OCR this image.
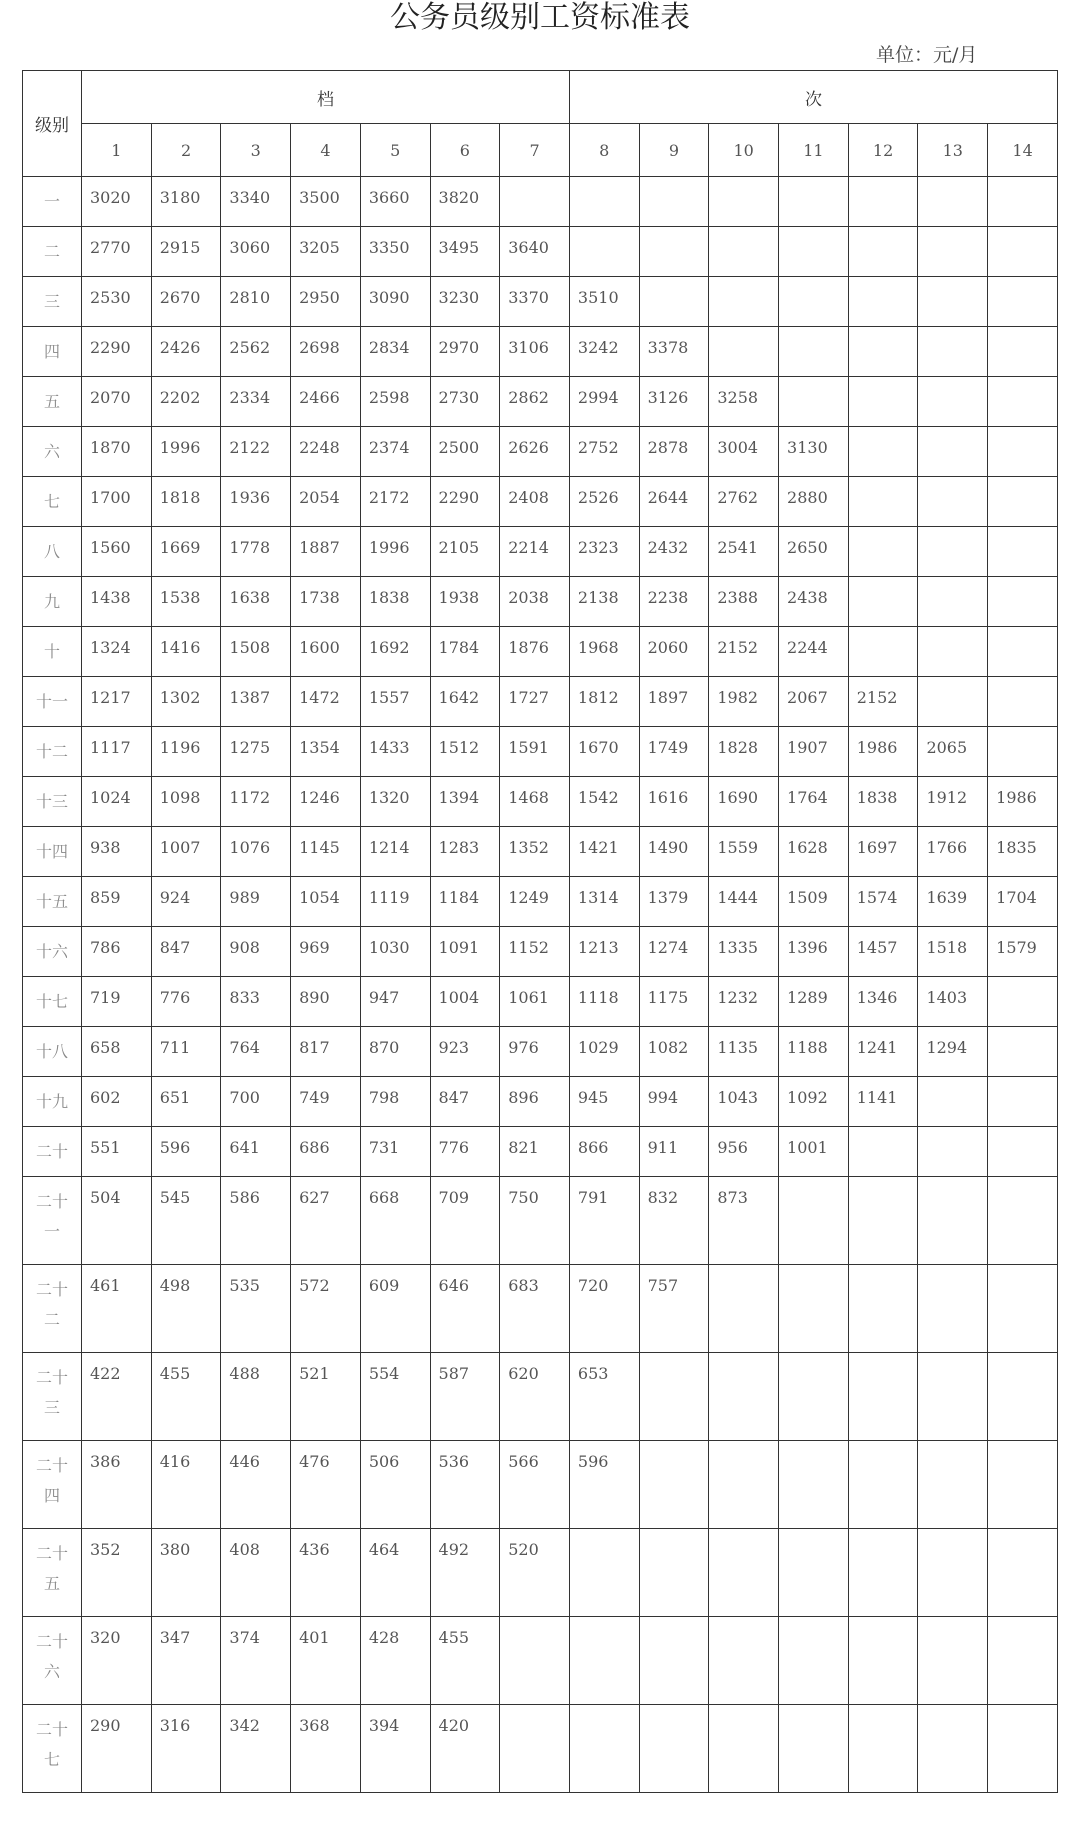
公务员级别工资标准表
单位：元/月
级别	档							次						
	1	2	3	4	5	6	7	8	9	10	11	12	13	14
一	3020	3180	3340	3500	3660	3820								
二	2770	2915	3060	3205	3350	3495	3640							
三	2530	2670	2810	2950	3090	3230	3370	3510						
四	2290	2426	2562	2698	2834	2970	3106	3242	3378					
五	2070	2202	2334	2466	2598	2730	2862	2994	3126	3258				
六	1870	1996	2122	2248	2374	2500	2626	2752	2878	3004	3130			
七	1700	1818	1936	2054	2172	2290	2408	2526	2644	2762	2880			
八	1560	1669	1778	1887	1996	2105	2214	2323	2432	2541	2650			
九	1438	1538	1638	1738	1838	1938	2038	2138	2238	2388	2438			
十	1324	1416	1508	1600	1692	1784	1876	1968	2060	2152	2244			
十一	1217	1302	1387	1472	1557	1642	1727	1812	1897	1982	2067	2152		
十二	1117	1196	1275	1354	1433	1512	1591	1670	1749	1828	1907	1986	2065	
十三	1024	1098	1172	1246	1320	1394	1468	1542	1616	1690	1764	1838	1912	1986
十四	938	1007	1076	1145	1214	1283	1352	1421	1490	1559	1628	1697	1766	1835
十五	859	924	989	1054	1119	1184	1249	1314	1379	1444	1509	1574	1639	1704
十六	786	847	908	969	1030	1091	1152	1213	1274	1335	1396	1457	1518	1579
十七	719	776	833	890	947	1004	1061	1118	1175	1232	1289	1346	1403	
十八	658	711	764	817	870	923	976	1029	1082	1135	1188	1241	1294	
十九	602	651	700	749	798	847	896	945	994	1043	1092	1141		
二十	551	596	641	686	731	776	821	866	911	956	1001			
二十一	504	545	586	627	668	709	750	791	832	873				
二十二	461	498	535	572	609	646	683	720	757					
二十三	422	455	488	521	554	587	620	653						
二十四	386	416	446	476	506	536	566	596						
二十五	352	380	408	436	464	492	520							
二十六	320	347	374	401	428	455								
二十七	290	316	342	368	394	420								
